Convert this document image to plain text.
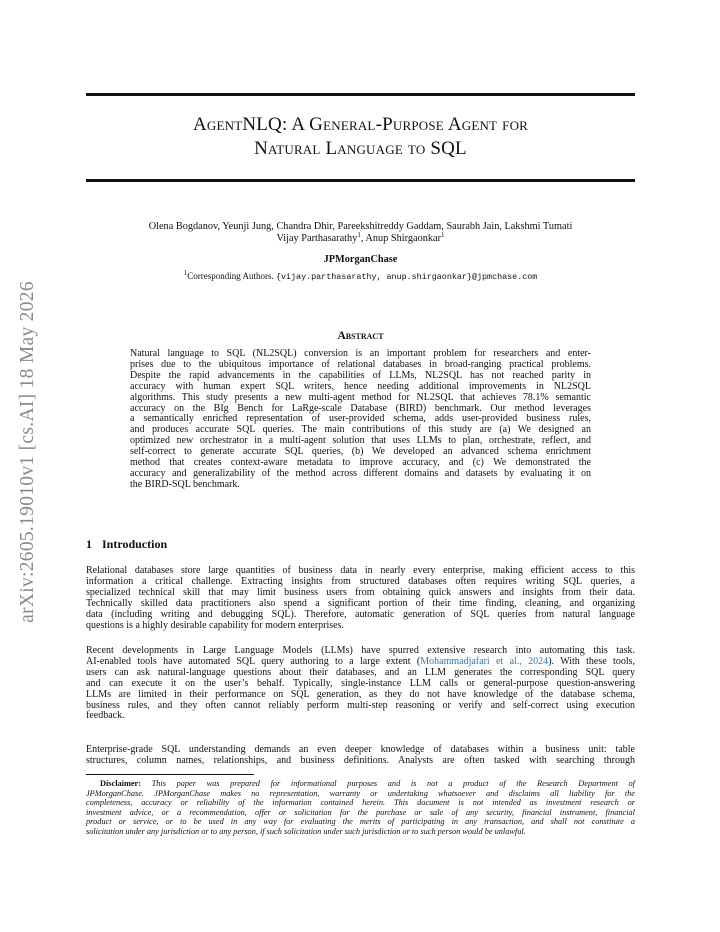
arXiv:2605.19010v1 [cs.AI] 18 May 2026
AgentNLQ: A General-Purpose Agent for
Natural Language to SQL
Olena Bogdanov, Yeunji Jung, Chandra Dhir, Pareekshitreddy Gaddam, Saurabh Jain, Lakshmi Tumati
Vijay Parthasarathy$^1$, Anup Shirgaonkar$^1$
JPMorganChase
$^1$Corresponding Authors. {vijay.parthasarathy, anup.shirgaonkar}@jpmchase.com
Abstract
Natural language to SQL (NL2SQL) conversion is an important problem for researchers and enter-
prises due to the ubiquitous importance of relational databases in broad-ranging practical problems.
Despite the rapid advancements in the capabilities of LLMs, NL2SQL has not reached parity in
accuracy with human expert SQL writers, hence needing additional improvements in NL2SQL
algorithms. This study presents a new multi-agent method for NL2SQL that achieves 78.1% semantic
accuracy on the BIg Bench for LaRge-scale Database (BIRD) benchmark. Our method leverages
a semantically enriched representation of user-provided schema, adds user-provided business rules,
and produces accurate SQL queries. The main contributions of this study are (a) We designed an
optimized new orchestrator in a multi-agent solution that uses LLMs to plan, orchestrate, reflect, and
self-correct to generate accurate SQL queries, (b) We developed an advanced schema enrichment
method that creates context-aware metadata to improve accuracy, and (c) We demonstrated the
accuracy and generalizability of the method across different domains and datasets by evaluating it on
the BIRD-SQL benchmark.
1 Introduction
Relational databases store large quantities of business data in nearly every enterprise, making efficient access to this
information a critical challenge. Extracting insights from structured databases often requires writing SQL queries, a
specialized technical skill that may limit business users from obtaining quick answers and insights from their data.
Technically skilled data practitioners also spend a significant portion of their time finding, cleaning, and organizing
data (including writing and debugging SQL). Therefore, automatic generation of SQL queries from natural language
questions is a highly desirable capability for modern enterprises.
Recent developments in Large Language Models (LLMs) have spurred extensive research into automating this task.
AI-enabled tools have automated SQL query authoring to a large extent (Mohammadjafari et al., 2024). With these tools,
users can ask natural-language questions about their databases, and an LLM generates the corresponding SQL query
and can execute it on the user’s behalf. Typically, single-instance LLM calls or general-purpose question-answering
LLMs are limited in their performance on SQL generation, as they do not have knowledge of the database schema,
business rules, and they often cannot reliably perform multi-step reasoning or verify and self-correct using execution
feedback.
Enterprise-grade SQL understanding demands an even deeper knowledge of databases within a business unit: table
structures, column names, relationships, and business definitions. Analysts are often tasked with searching through
Disclaimer: This paper was prepared for informational purposes and is not a product of the Research Department of
JPMorganChase. JPMorganChase makes no representation, warranty or undertaking whatsoever and disclaims all liability for the
completeness, accuracy or reliability of the information contained herein. This document is not intended as investment research or
investment advice, or a recommendation, offer or solicitation for the purchase or sale of any security, financial instrument, financial
product or service, or to be used in any way for evaluating the merits of participating in any transaction, and shall not constitute a
solicitation under any jurisdiction or to any person, if such solicitation under such jurisdiction or to such person would be unlawful.
